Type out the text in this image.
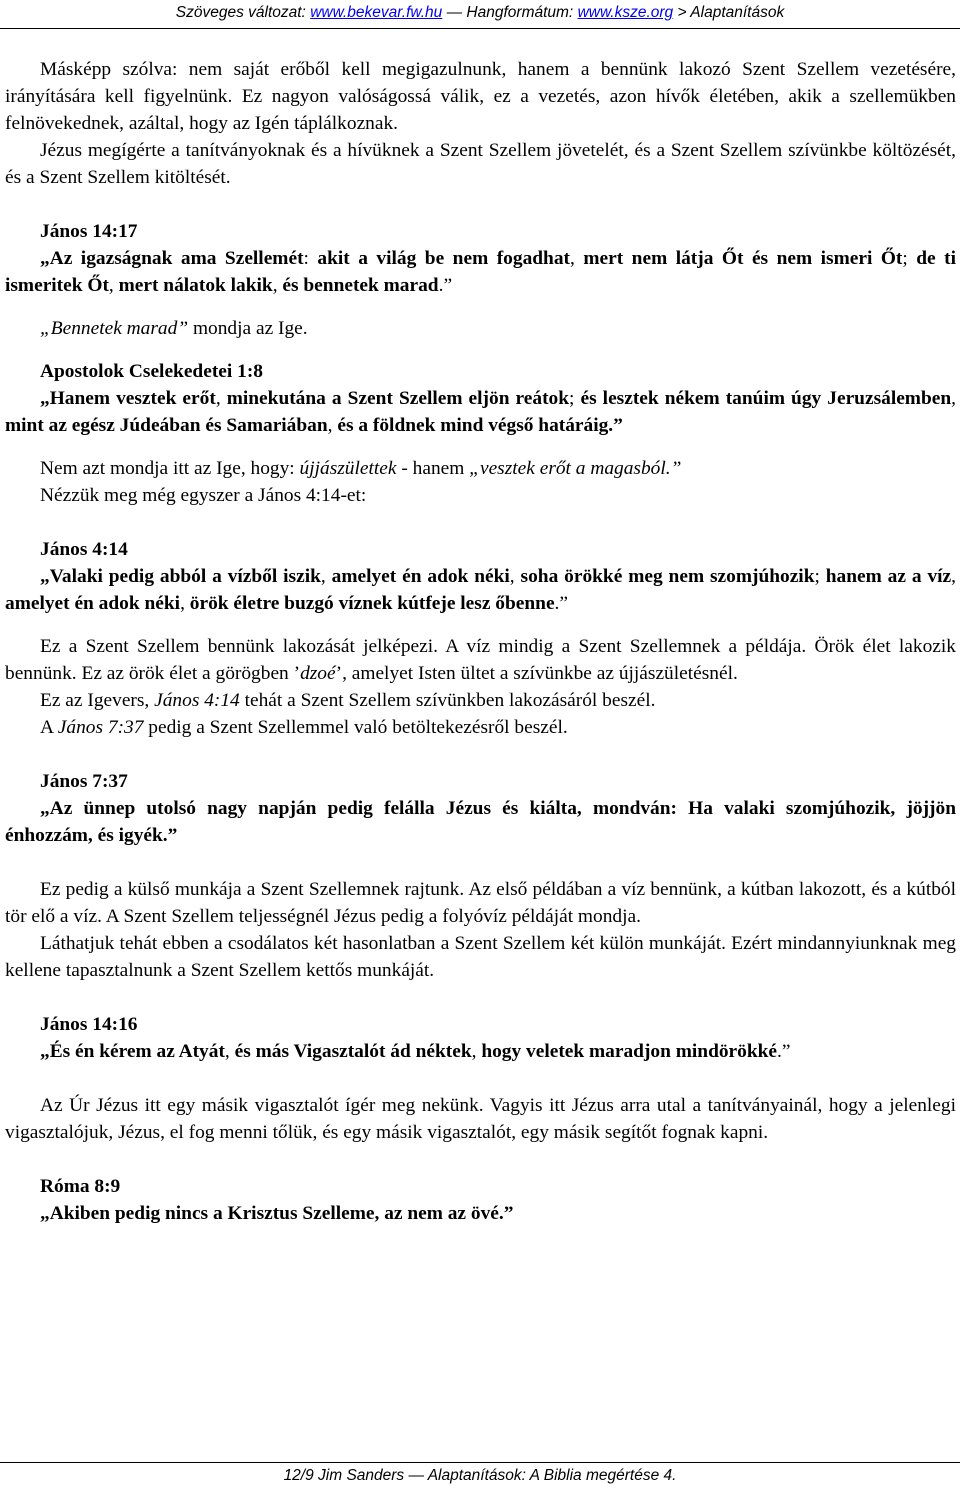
Szöveges változat: www.bekevar.fw.hu — Hangformátum: www.ksze.org > Alaptanítások

Másképp szólva: nem saját erőből kell megigazulnunk, hanem a bennünk lakozó Szent Szellem vezetésére, irányítására kell figyelnünk. Ez nagyon valóságossá válik, ez a vezetés, azon hívők életében, akik a szellemükben felnövekednek, azáltal, hogy az Igén táplálkoznak.

Jézus megígérte a tanítványoknak és a hívüknek a Szent Szellem jövetelét, és a Szent Szellem szívünkbe költözését, és a Szent Szellem kitöltését.

János 14:17

„Az igazságnak ama Szellemét: akit a világ be nem fogadhat, mert nem látja Őt és nem ismeri Őt; de ti ismeritek Őt, mert nálatok lakik, és bennetek marad.”

„Bennetek marad” mondja az Ige.

Apostolok Cselekedetei 1:8

„Hanem vesztek erőt, minekutána a Szent Szellem eljön reátok; és lesztek nékem tanúim úgy Jeruzsálemben, mint az egész Júdeában és Samariában, és a földnek mind végső határáig.”

Nem azt mondja itt az Ige, hogy: újjászülettek - hanem „vesztek erőt a magasból.”

Nézzük meg még egyszer a János 4:14-et:

János 4:14

„Valaki pedig abból a vízből iszik, amelyet én adok néki, soha örökké meg nem szomjúhozik; hanem az a víz, amelyet én adok néki, örök életre buzgó víznek kútfeje lesz őbenne.”

Ez a Szent Szellem bennünk lakozását jelképezi. A víz mindig a Szent Szellemnek a példája. Örök élet lakozik bennünk. Ez az örök élet a görögben ’dzoé’, amelyet Isten ültet a szívünkbe az újjászületésnél.

Ez az Igevers, János 4:14 tehát a Szent Szellem szívünkben lakozásáról beszél.

A János 7:37 pedig a Szent Szellemmel való betöltekezésről beszél.

János 7:37

„Az ünnep utolsó nagy napján pedig felálla Jézus és kiálta, mondván: Ha valaki szomjúhozik, jöjjön énhozzám, és igyék.”

Ez pedig a külső munkája a Szent Szellemnek rajtunk. Az első példában a víz bennünk, a kútban lakozott, és a kútból tör elő a víz. A Szent Szellem teljességnél Jézus pedig a folyóvíz példáját mondja.

Láthatjuk tehát ebben a csodálatos két hasonlatban a Szent Szellem két külön munkáját. Ezért mindannyiunknak meg kellene tapasztalnunk a Szent Szellem kettős munkáját.

János 14:16

„És én kérem az Atyát, és más Vigasztalót ád néktek, hogy veletek maradjon mindörökké.”

Az Úr Jézus itt egy másik vigasztalót ígér meg nekünk. Vagyis itt Jézus arra utal a tanítványainál, hogy a jelenlegi vigasztalójuk, Jézus, el fog menni tőlük, és egy másik vigasztalót, egy másik segítőt fognak kapni.

Róma 8:9

„Akiben pedig nincs a Krisztus Szelleme, az nem az övé.”

12/9 Jim Sanders — Alaptanítások: A Biblia megértése 4.
